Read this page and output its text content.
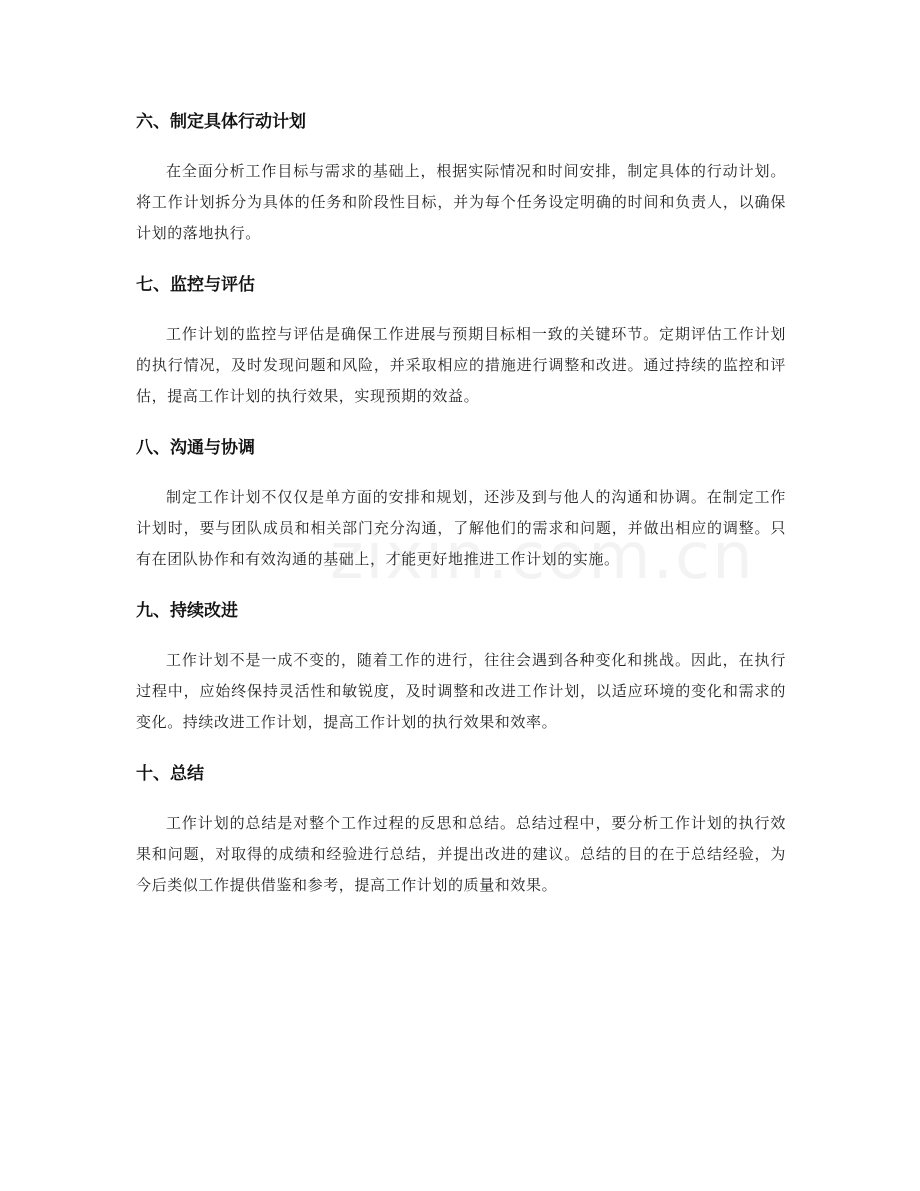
六、制定具体行动计划

在全面分析工作目标与需求的基础上，根据实际情况和时间安排，制定具体的行动计划。将工作计划拆分为具体的任务和阶段性目标，并为每个任务设定明确的时间和负责人，以确保计划的落地执行。

七、监控与评估

工作计划的监控与评估是确保工作进展与预期目标相一致的关键环节。定期评估工作计划的执行情况，及时发现问题和风险，并采取相应的措施进行调整和改进。通过持续的监控和评估，提高工作计划的执行效果，实现预期的效益。

八、沟通与协调

制定工作计划不仅仅是单方面的安排和规划，还涉及到与他人的沟通和协调。在制定工作计划时，要与团队成员和相关部门充分沟通，了解他们的需求和问题，并做出相应的调整。只有在团队协作和有效沟通的基础上，才能更好地推进工作计划的实施。

九、持续改进

工作计划不是一成不变的，随着工作的进行，往往会遇到各种变化和挑战。因此，在执行过程中，应始终保持灵活性和敏锐度，及时调整和改进工作计划，以适应环境的变化和需求的变化。持续改进工作计划，提高工作计划的执行效果和效率。

十、总结

工作计划的总结是对整个工作过程的反思和总结。总结过程中，要分析工作计划的执行效果和问题，对取得的成绩和经验进行总结，并提出改进的建议。总结的目的在于总结经验，为今后类似工作提供借鉴和参考，提高工作计划的质量和效果。
